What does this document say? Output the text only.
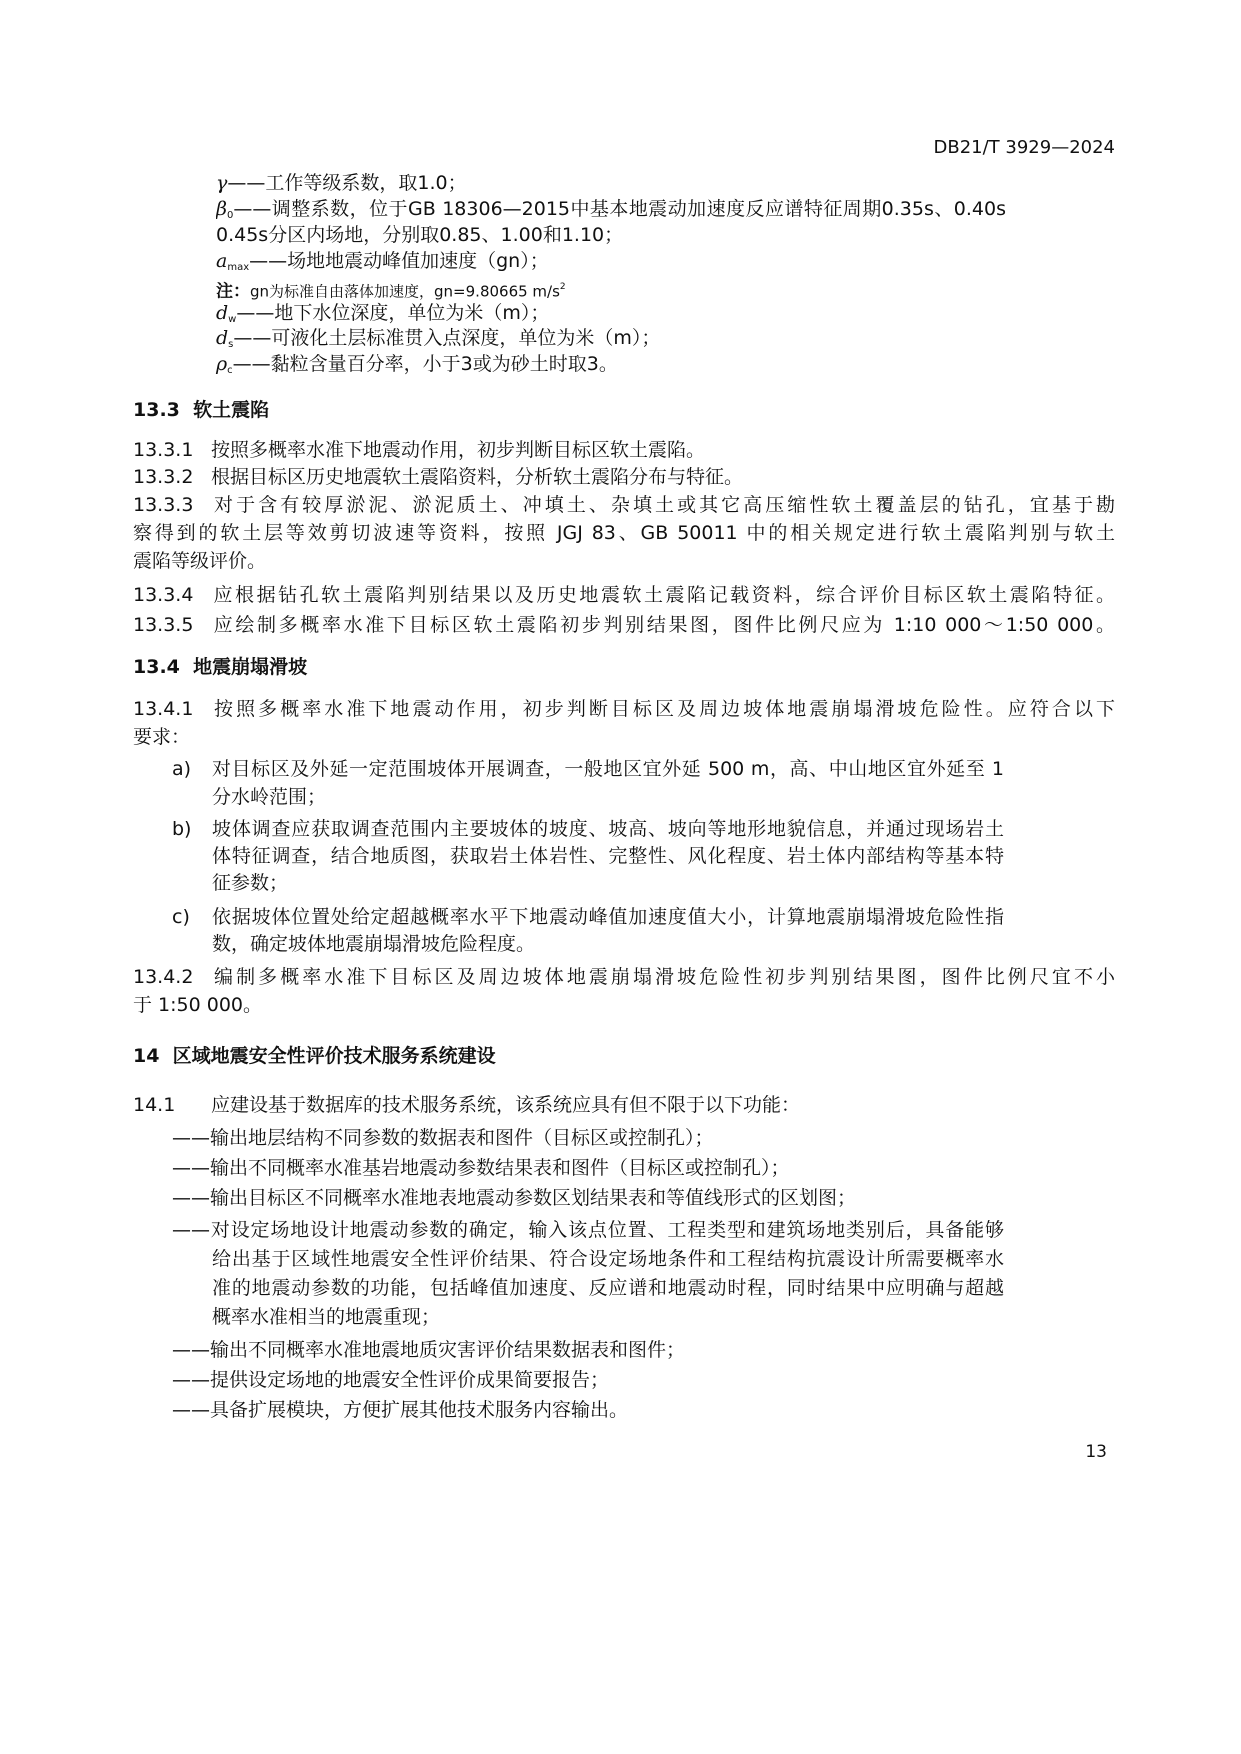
DB21/T 3929—2024
γ——工作等级系数，取1.0；
$\beta_0——$调整系数，位于GB 18306—2015中基本地震动加速度反应谱特征周期0.35s、0.40s
0.45s分区内场地，分别取0.85、1.00和1.10；
$a_{max}——$场地地震动峰值加速度（gn）；
注：gn为标准自由落体加速度，gn=9.80665 $m/s^2$
$d_w——$地下水位深度，单位为米（m）；
$d_s——$可液化土层标准贯入点深度，单位为米（m）；
$\rho_c——$黏粒含量百分率，小于3或为砂土时取3。
13.3  软土震陷
13.3.1 按照多概率水准下地震动作用，初步判断目标区软土震陷。
13.3.2 根据目标区历史地震软土震陷资料，分析软土震陷分布与特征。
13.3.3 对于含有较厚淤泥、淤泥质土、冲填土、杂填土或其它高压缩性软土覆盖层的钻孔，宜基于勘
察得到的软土层等效剪切波速等资料，按照 JGJ 83、GB 50011 中的相关规定进行软土震陷判别与软土
震陷等级评价。
13.3.4 应根据钻孔软土震陷判别结果以及历史地震软土震陷记载资料，综合评价目标区软土震陷特征。
13.3.5 应绘制多概率水准下目标区软土震陷初步判别结果图，图件比例尺应为 1:10 000～1:50 000。
13.4  地震崩塌滑坡
13.4.1 按照多概率水准下地震动作用，初步判断目标区及周边坡体地震崩塌滑坡危险性。应符合以下
要求：
a) 对目标区及外延一定范围坡体开展调查，一般地区宜外延 500 m，高、中山地区宜外延至 1
分水岭范围；
b) 坡体调查应获取调查范围内主要坡体的坡度、坡高、坡向等地形地貌信息，并通过现场岩土
体特征调查，结合地质图，获取岩土体岩性、完整性、风化程度、岩土体内部结构等基本特
征参数；
c) 依据坡体位置处给定超越概率水平下地震动峰值加速度值大小，计算地震崩塌滑坡危险性指
数，确定坡体地震崩塌滑坡危险程度。
13.4.2 编制多概率水准下目标区及周边坡体地震崩塌滑坡危险性初步判别结果图，图件比例尺宜不小
于 1:50 000。
14  区域地震安全性评价技术服务系统建设
14.1 应建设基于数据库的技术服务系统，该系统应具有但不限于以下功能：
——输出地层结构不同参数的数据表和图件（目标区或控制孔）；
——输出不同概率水准基岩地震动参数结果表和图件（目标区或控制孔）；
——输出目标区不同概率水准地表地震动参数区划结果表和等值线形式的区划图；
——对设定场地设计地震动参数的确定，输入该点位置、工程类型和建筑场地类别后，具备能够
给出基于区域性地震安全性评价结果、符合设定场地条件和工程结构抗震设计所需要概率水
准的地震动参数的功能，包括峰值加速度、反应谱和地震动时程，同时结果中应明确与超越
概率水准相当的地震重现；
——输出不同概率水准地震地质灾害评价结果数据表和图件；
——提供设定场地的地震安全性评价成果简要报告；
——具备扩展模块，方便扩展其他技术服务内容输出。
13
